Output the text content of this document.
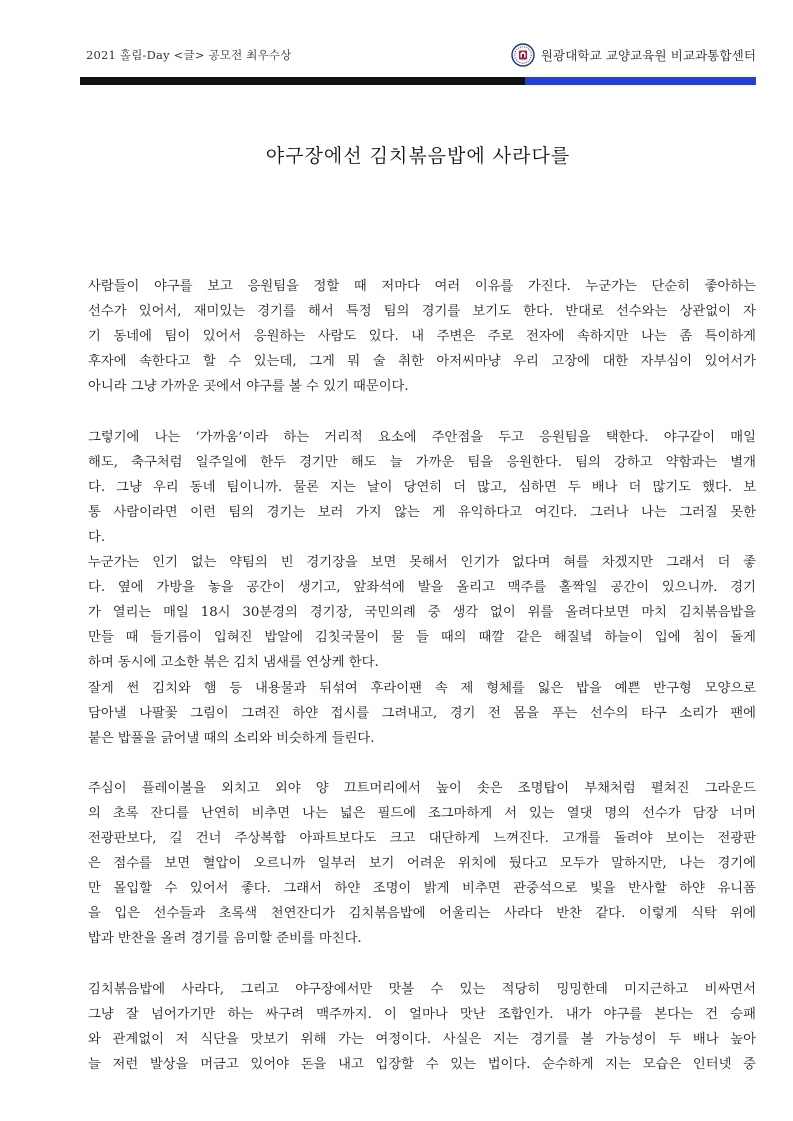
2021 홀림-Day <글> 공모전 최우수상	원광대학교 교양교육원 비교과통합센터
야구장에선 김치볶음밥에 사라다를
사람들이 야구를 보고 응원팀을 정할 때 저마다 여러 이유를 가진다. 누군가는 단순히 좋아하는
선수가 있어서, 재미있는 경기를 해서 특정 팀의 경기를 보기도 한다. 반대로 선수와는 상관없이 자
기 동네에 팀이 있어서 응원하는 사람도 있다. 내 주변은 주로 전자에 속하지만 나는 좀 특이하게
후자에 속한다고 할 수 있는데, 그게 뭐 술 취한 아저씨마냥 우리 고장에 대한 자부심이 있어서가
아니라 그냥 가까운 곳에서 야구를 볼 수 있기 때문이다.
그렇기에 나는 ‘가까움’이라 하는 거리적 요소에 주안점을 두고 응원팀을 택한다. 야구같이 매일
해도, 축구처럼 일주일에 한두 경기만 해도 늘 가까운 팀을 응원한다. 팀의 강하고 약함과는 별개
다. 그냥 우리 동네 팀이니까. 물론 지는 날이 당연히 더 많고, 심하면 두 배나 더 많기도 했다. 보
통 사람이라면 이런 팀의 경기는 보러 가지 않는 게 유익하다고 여긴다. 그러나 나는 그러질 못한
다.
누군가는 인기 없는 약팀의 빈 경기장을 보면 못해서 인기가 없다며 혀를 차겠지만 그래서 더 좋
다. 옆에 가방을 놓을 공간이 생기고, 앞좌석에 발을 올리고 맥주를 홀짝일 공간이 있으니까. 경기
가 열리는 매일 18시 30분경의 경기장, 국민의례 중 생각 없이 위를 올려다보면 마치 김치볶음밥을
만들 때 들기름이 입혀진 밥알에 김칫국물이 물 들 때의 때깔 같은 해질녘 하늘이 입에 침이 돌게
하며 동시에 고소한 볶은 김치 냄새를 연상케 한다.
잘게 썬 김치와 햄 등 내용물과 뒤섞여 후라이팬 속 제 형체를 잃은 밥을 예쁜 반구형 모양으로
담아낼 나팔꽃 그림이 그려진 하얀 접시를 그려내고, 경기 전 몸을 푸는 선수의 타구 소리가 팬에
붙은 밥풀을 긁어낼 때의 소리와 비슷하게 들린다.
주심이 플레이볼을 외치고 외야 양 끄트머리에서 높이 솟은 조명탑이 부채처럼 펼쳐진 그라운드
의 초록 잔디를 난연히 비추면 나는 넓은 필드에 조그마하게 서 있는 열댓 명의 선수가 담장 너머
전광판보다, 길 건너 주상복합 아파트보다도 크고 대단하게 느껴진다. 고개를 돌려야 보이는 전광판
은 점수를 보면 혈압이 오르니까 일부러 보기 어려운 위치에 뒀다고 모두가 말하지만, 나는 경기에
만 몰입할 수 있어서 좋다. 그래서 하얀 조명이 밝게 비추면 관중석으로 빛을 반사할 하얀 유니폼
을 입은 선수들과 초록색 천연잔디가 김치볶음밥에 어울리는 사라다 반찬 같다. 이렇게 식탁 위에
밥과 반찬을 올려 경기를 음미할 준비를 마친다.
김치볶음밥에 사라다, 그리고 야구장에서만 맛볼 수 있는 적당히 밍밍한데 미지근하고 비싸면서
그냥 잘 넘어가기만 하는 싸구려 맥주까지. 이 얼마나 맛난 조합인가. 내가 야구를 본다는 건 승패
와 관계없이 저 식단을 맛보기 위해 가는 여정이다. 사실은 지는 경기를 볼 가능성이 두 배나 높아
늘 저런 발상을 머금고 있어야 돈을 내고 입장할 수 있는 법이다. 순수하게 지는 모습은 인터넷 중
